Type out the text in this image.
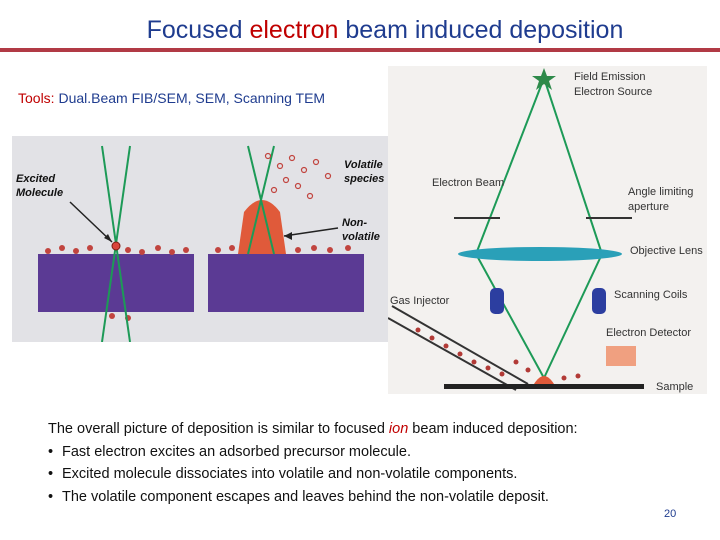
Focused electron beam induced deposition
Tools: Dual.Beam FIB/SEM, SEM, Scanning TEM
Excited
Molecule
Volatile
species
Non-
volatile
Field Emission
Electron Source
Electron Beam
Angle limiting
aperture
Objective Lens
Gas Injector	Scanning Coils
Electron Detector
Sample
The overall picture of deposition is similar to focused ion beam induced deposition:
• Fast electron excites an adsorbed precursor molecule.
• Excited molecule dissociates into volatile and non-volatile components.
• The volatile component escapes and leaves behind the non-volatile deposit.
20
